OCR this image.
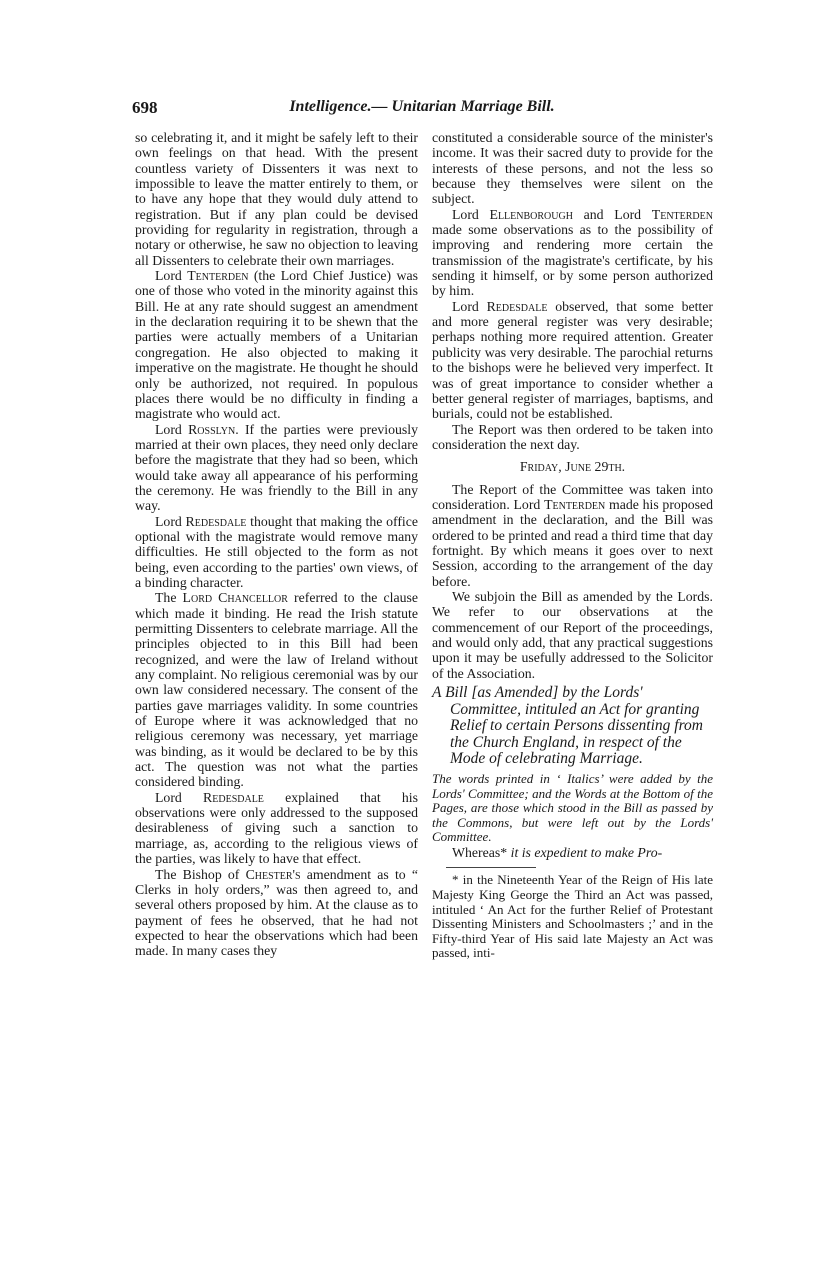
698	Intelligence.— Unitarian Marriage Bill.

so celebrating it, and it might be safely left to their own feelings on that head. With the present countless variety of Dissenters it was next to impossible to leave the matter entirely to them, or to have any hope that they would duly attend to registration. But if any plan could be devised providing for regularity in registration, through a notary or otherwise, he saw no objection to leaving all Dissenters to celebrate their own marriages.

Lord Tenterden (the Lord Chief Justice) was one of those who voted in the minority against this Bill. He at any rate should suggest an amendment in the declaration requiring it to be shewn that the parties were actually members of a Unitarian congregation. He also objected to making it imperative on the magistrate. He thought he should only be authorized, not required. In populous places there would be no difficulty in finding a magistrate who would act.

Lord Rosslyn. If the parties were previously married at their own places, they need only declare before the magistrate that they had so been, which would take away all appearance of his performing the ceremony. He was friendly to the Bill in any way.

Lord Redesdale thought that making the office optional with the magistrate would remove many difficulties. He still objected to the form as not being, even according to the parties' own views, of a binding character.

The Lord Chancellor referred to the clause which made it binding. He read the Irish statute permitting Dissenters to celebrate marriage. All the principles objected to in this Bill had been recognized, and were the law of Ireland without any complaint. No religious ceremonial was by our own law considered necessary. The consent of the parties gave marriages validity. In some countries of Europe where it was acknowledged that no religious ceremony was necessary, yet marriage was binding, as it would be declared to be by this act. The question was not what the parties considered binding.

Lord Redesdale explained that his observations were only addressed to the supposed desirableness of giving such a sanction to marriage, as, according to the religious views of the parties, was likely to have that effect.

The Bishop of Chester's amendment as to “ Clerks in holy orders,” was then agreed to, and several others proposed by him. At the clause as to payment of fees he observed, that he had not expected to hear the observations which had been made. In many cases they

constituted a considerable source of the minister's income. It was their sacred duty to provide for the interests of these persons, and not the less so because they themselves were silent on the subject.

Lord Ellenborough and Lord Tenterden made some observations as to the possibility of improving and rendering more certain the transmission of the magistrate's certificate, by his sending it himself, or by some person authorized by him.

Lord Redesdale observed, that some better and more general register was very desirable; perhaps nothing more required attention. Greater publicity was very desirable. The parochial returns to the bishops were he believed very imperfect. It was of great importance to consider whether a better general register of marriages, baptisms, and burials, could not be established.

The Report was then ordered to be taken into consideration the next day.

Friday, June 29th.

The Report of the Committee was taken into consideration. Lord Tenterden made his proposed amendment in the declaration, and the Bill was ordered to be printed and read a third time that day fortnight. By which means it goes over to next Session, according to the arrangement of the day before.

We subjoin the Bill as amended by the Lords. We refer to our observations at the commencement of our Report of the proceedings, and would only add, that any practical suggestions upon it may be usefully addressed to the Solicitor of the Association.

A Bill [as Amended] by the Lords' Committee, intituled an Act for granting Relief to certain Persons dissenting from the Church England, in respect of the Mode of celebrating Marriage.

The words printed in ‘ Italics’ were added by the Lords' Committee; and the Words at the Bottom of the Pages, are those which stood in the Bill as passed by the Commons, but were left out by the Lords' Committee.

Whereas* it is expedient to make Pro-

* in the Nineteenth Year of the Reign of His late Majesty King George the Third an Act was passed, intituled ‘ An Act for the further Relief of Protestant Dissenting Ministers and Schoolmasters ;’ and in the Fifty-third Year of His said late Majesty an Act was passed, inti-
